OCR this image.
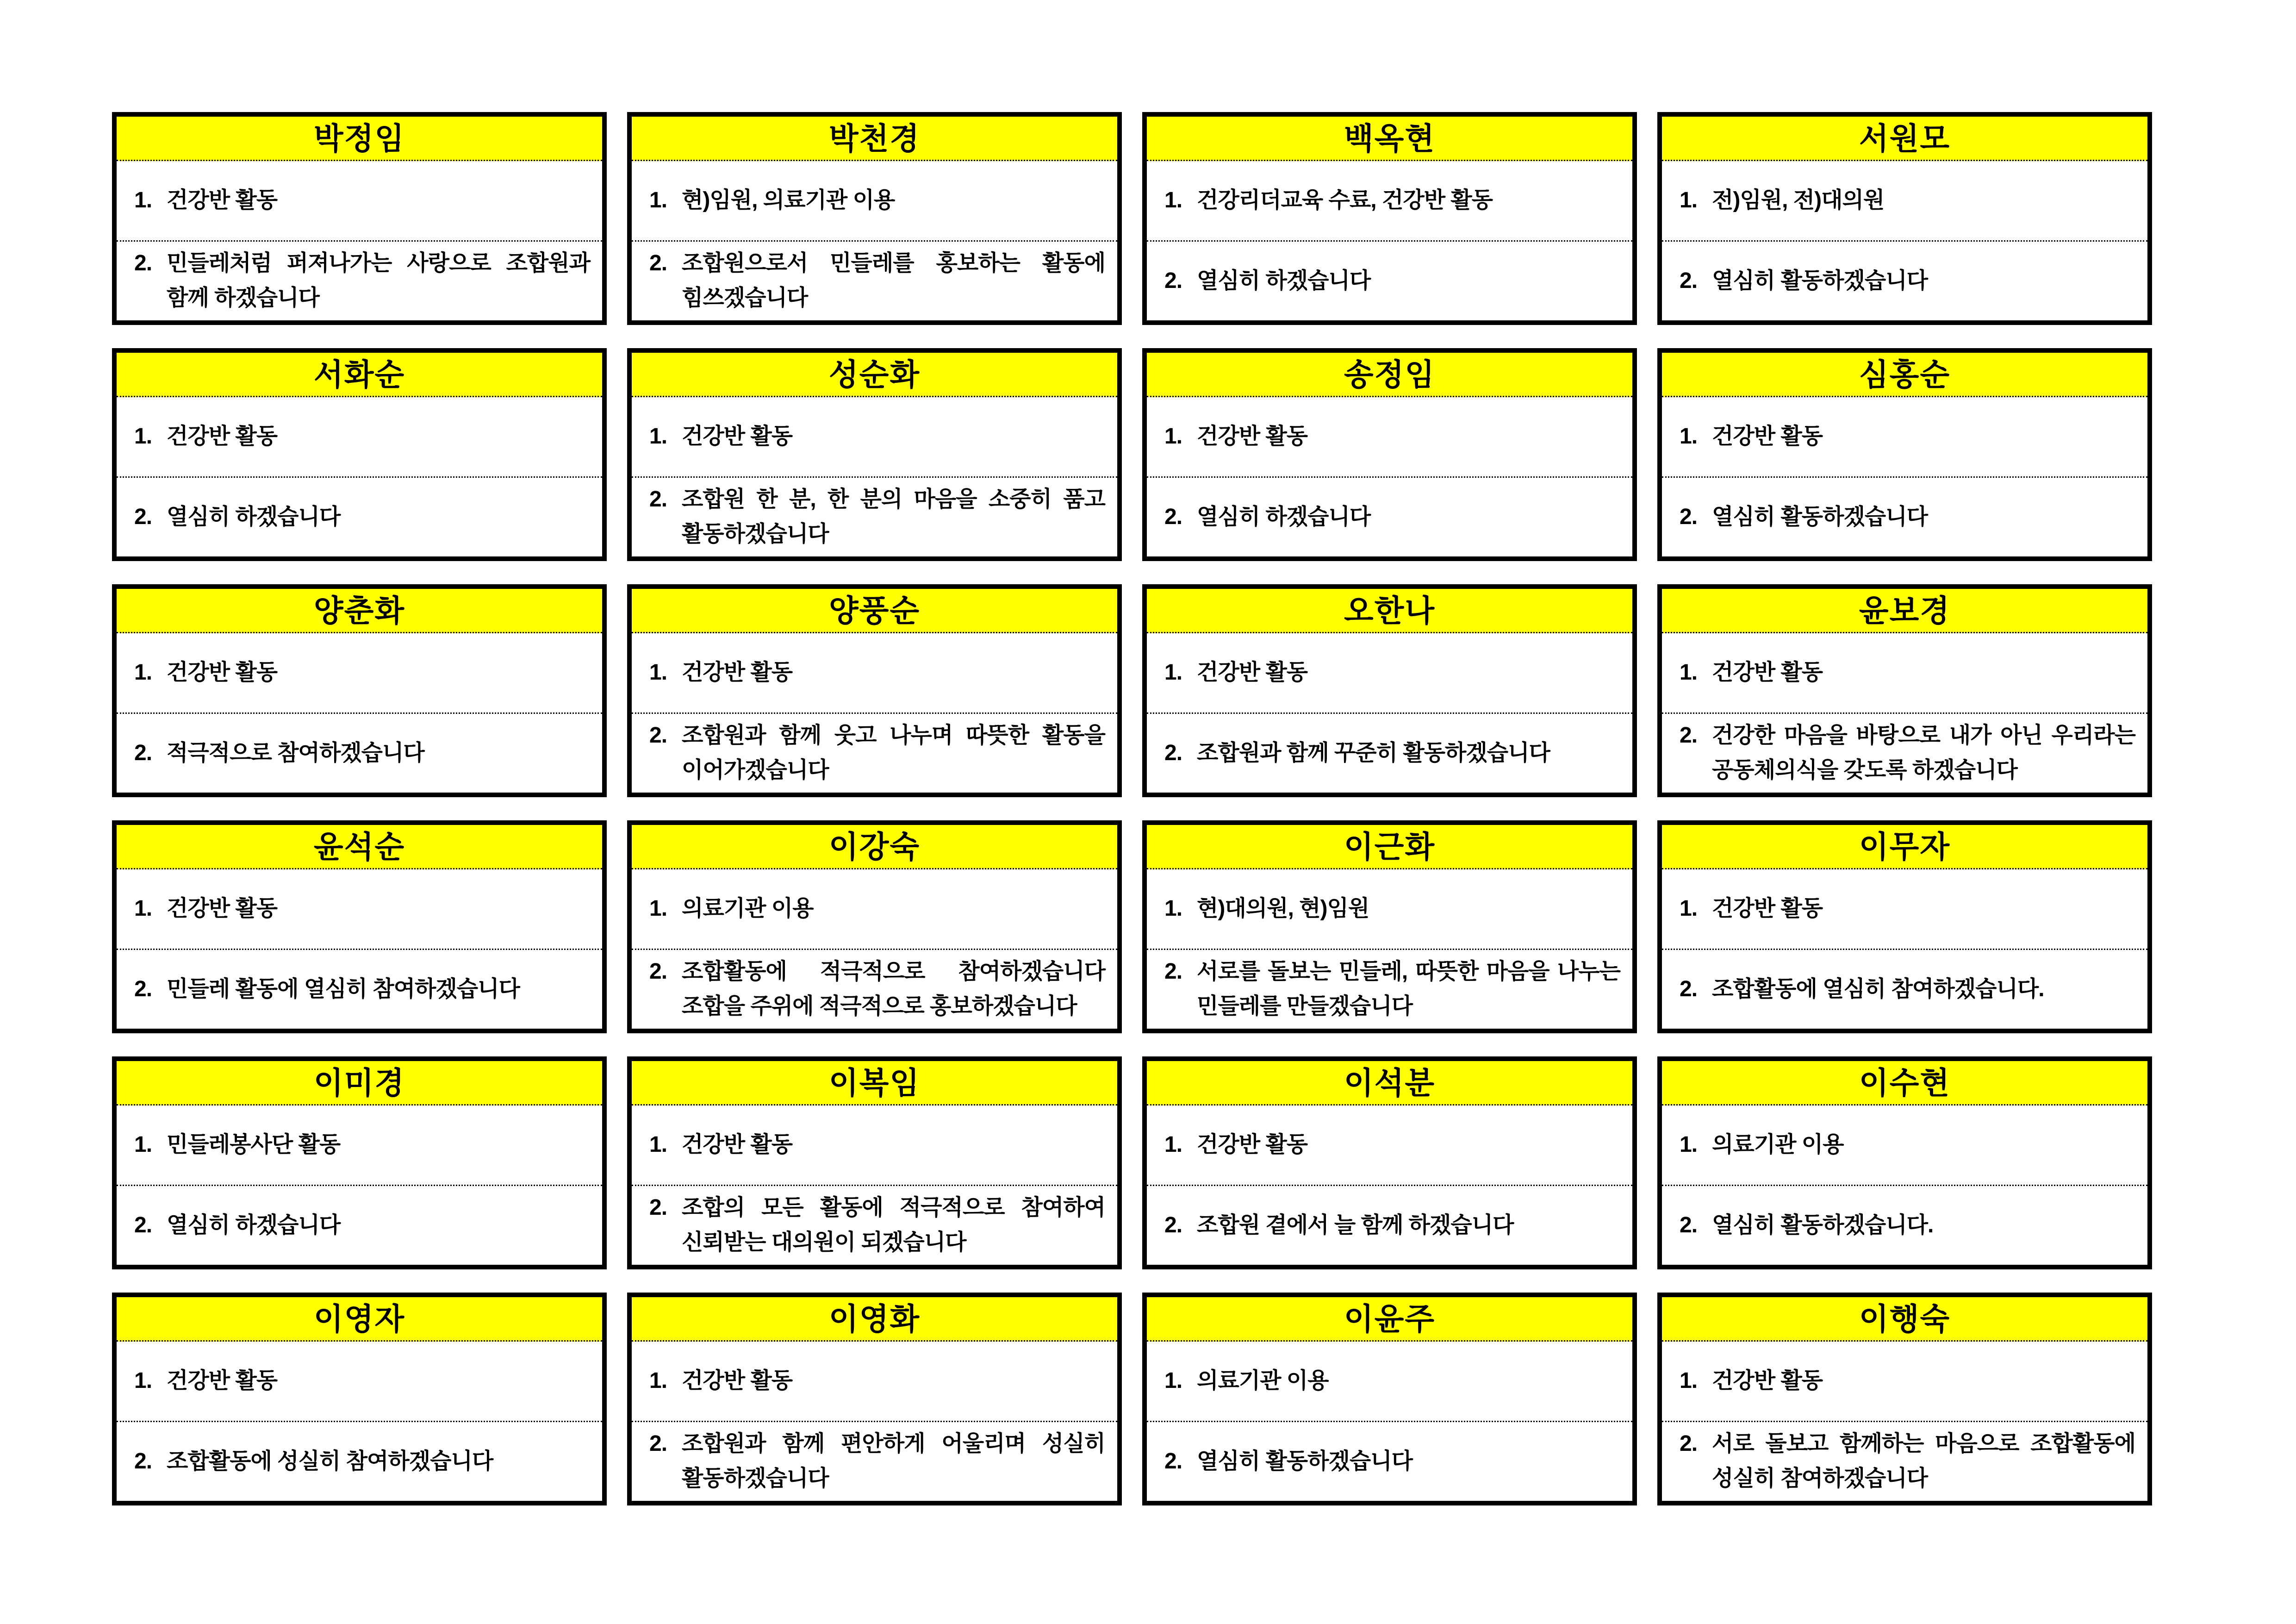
박정임
1. 건강반 활동
2. 민들레처럼 퍼져나가는 사랑으로 조합원과 함께 하겠습니다
박천경
1. 현)임원, 의료기관 이용
2. 조합원으로서 민들레를 홍보하는 활동에 힘쓰겠습니다
백옥현
1. 건강리더교육 수료, 건강반 활동
2. 열심히 하겠습니다
서원모
1. 전)임원, 전)대의원
2. 열심히 활동하겠습니다
서화순
1. 건강반 활동
2. 열심히 하겠습니다
성순화
1. 건강반 활동
2. 조합원 한 분, 한 분의 마음을 소중히 품고 활동하겠습니다
송정임
1. 건강반 활동
2. 열심히 하겠습니다
심홍순
1. 건강반 활동
2. 열심히 활동하겠습니다
양춘화
1. 건강반 활동
2. 적극적으로 참여하겠습니다
양풍순
1. 건강반 활동
2. 조합원과 함께 웃고 나누며 따뜻한 활동을 이어가겠습니다
오한나
1. 건강반 활동
2. 조합원과 함께 꾸준히 활동하겠습니다
윤보경
1. 건강반 활동
2. 건강한 마음을 바탕으로 내가 아닌 우리라는 공동체의식을 갖도록 하겠습니다
윤석순
1. 건강반 활동
2. 민들레 활동에 열심히 참여하겠습니다
이강숙
1. 의료기관 이용
2. 조합활동에 적극적으로 참여하겠습니다 조합을 주위에 적극적으로 홍보하겠습니다
이근화
1. 현)대의원, 현)임원
2. 서로를 돌보는 민들레, 따뜻한 마음을 나누는 민들레를 만들겠습니다
이무자
1. 건강반 활동
2. 조합활동에 열심히 참여하겠습니다.
이미경
1. 민들레봉사단 활동
2. 열심히 하겠습니다
이복임
1. 건강반 활동
2. 조합의 모든 활동에 적극적으로 참여하여 신뢰받는 대의원이 되겠습니다
이석분
1. 건강반 활동
2. 조합원 곁에서 늘 함께 하겠습니다
이수현
1. 의료기관 이용
2. 열심히 활동하겠습니다.
이영자
1. 건강반 활동
2. 조합활동에 성실히 참여하겠습니다
이영화
1. 건강반 활동
2. 조합원과 함께 편안하게 어울리며 성실히 활동하겠습니다
이윤주
1. 의료기관 이용
2. 열심히 활동하겠습니다
이행숙
1. 건강반 활동
2. 서로 돌보고 함께하는 마음으로 조합활동에 성실히 참여하겠습니다
